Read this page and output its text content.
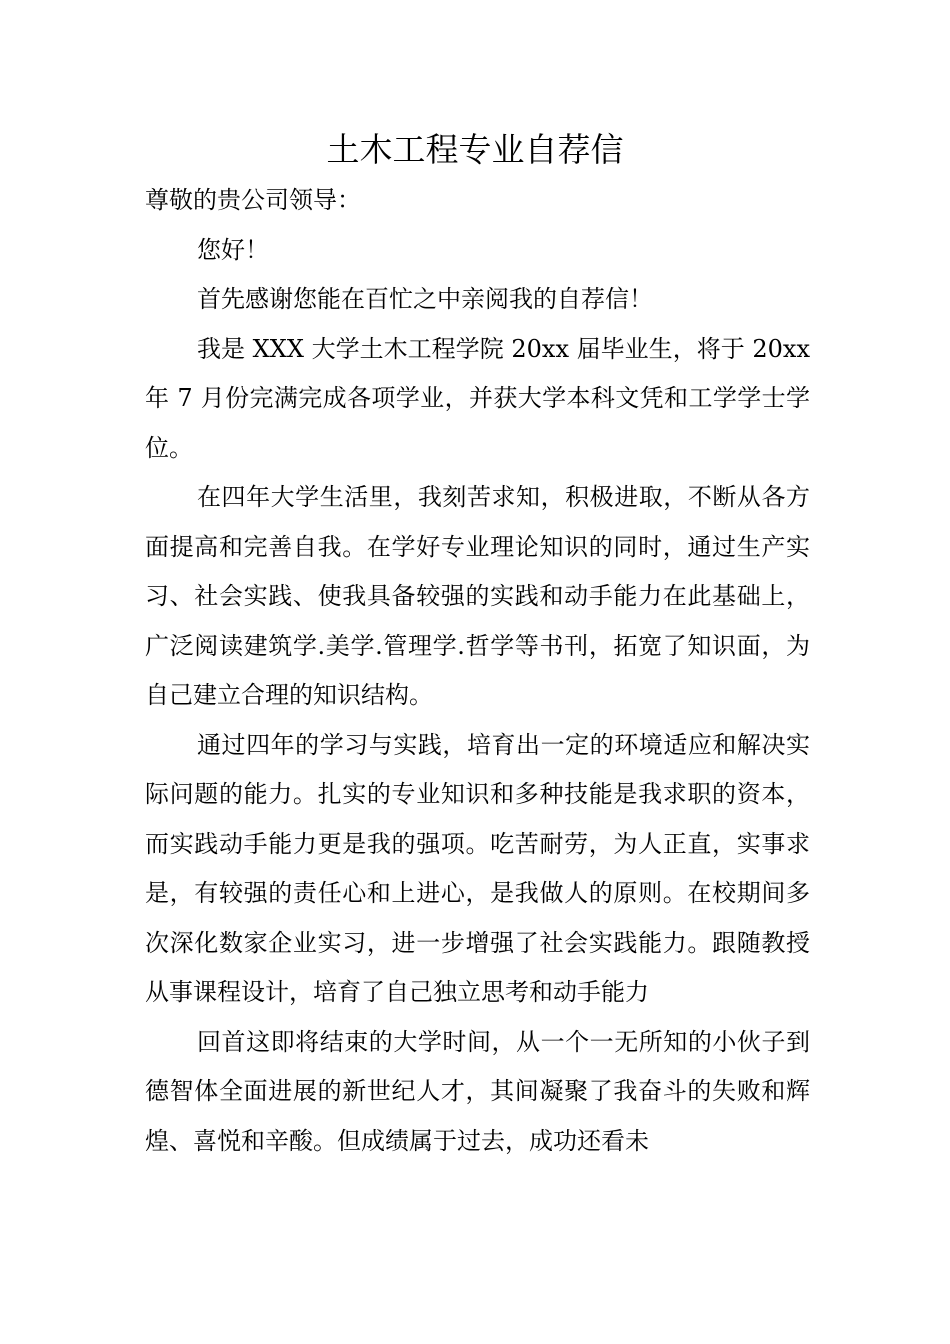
土木工程专业自荐信

尊敬的贵公司领导：

您好！

首先感谢您能在百忙之中亲阅我的自荐信！

我是 XXX 大学土木工程学院 20xx 届毕业生，将于 20xx 年 7 月份完满完成各项学业，并获大学本科文凭和工学学士学位。

在四年大学生活里，我刻苦求知，积极进取，不断从各方面提高和完善自我。在学好专业理论知识的同时，通过生产实习、社会实践、使我具备较强的实践和动手能力在此基础上，广泛阅读建筑学.美学.管理学.哲学等书刊，拓宽了知识面，为自己建立合理的知识结构。

通过四年的学习与实践，培育出一定的环境适应和解决实际问题的能力。扎实的专业知识和多种技能是我求职的资本，而实践动手能力更是我的强项。吃苦耐劳，为人正直，实事求是，有较强的责任心和上进心，是我做人的原则。在校期间多次深化数家企业实习，进一步增强了社会实践能力。跟随教授从事课程设计，培育了自己独立思考和动手能力

回首这即将结束的大学时间，从一个一无所知的小伙子到德智体全面进展的新世纪人才，其间凝聚了我奋斗的失败和辉煌、喜悦和辛酸。但成绩属于过去，成功还看未
